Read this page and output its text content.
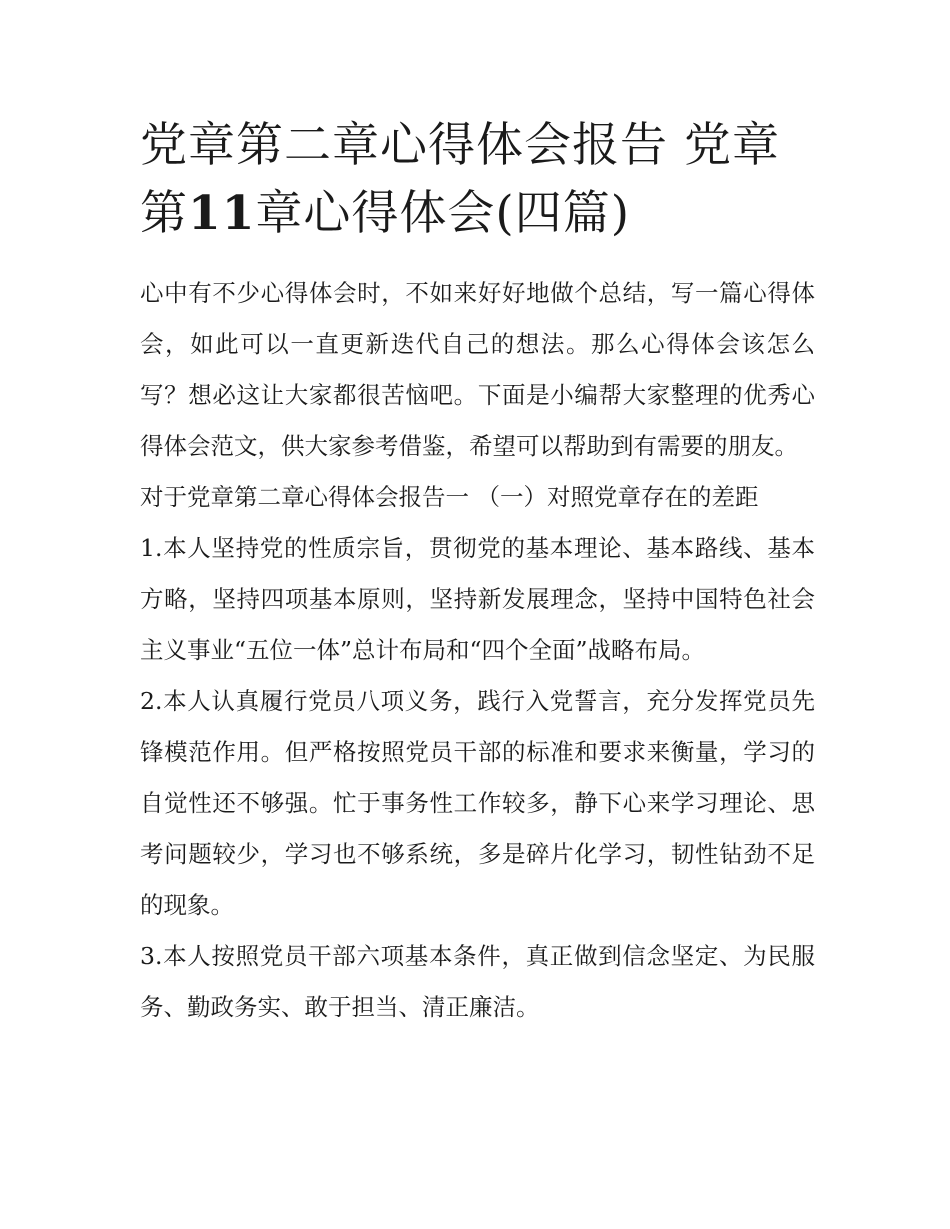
党章第二章心得体会报告 党章第11章心得体会(四篇)

心中有不少心得体会时，不如来好好地做个总结，写一篇心得体会，如此可以一直更新迭代自己的想法。那么心得体会该怎么写？想必这让大家都很苦恼吧。下面是小编帮大家整理的优秀心得体会范文，供大家参考借鉴，希望可以帮助到有需要的朋友。

对于党章第二章心得体会报告一 （一）对照党章存在的差距

1.本人坚持党的性质宗旨，贯彻党的基本理论、基本路线、基本方略，坚持四项基本原则，坚持新发展理念，坚持中国特色社会主义事业“五位一体”总计布局和“四个全面”战略布局。

2.本人认真履行党员八项义务，践行入党誓言，充分发挥党员先锋模范作用。但严格按照党员干部的标准和要求来衡量，学习的自觉性还不够强。忙于事务性工作较多，静下心来学习理论、思考问题较少，学习也不够系统，多是碎片化学习，韧性钻劲不足的现象。

3.本人按照党员干部六项基本条件，真正做到信念坚定、为民服务、勤政务实、敢于担当、清正廉洁。
